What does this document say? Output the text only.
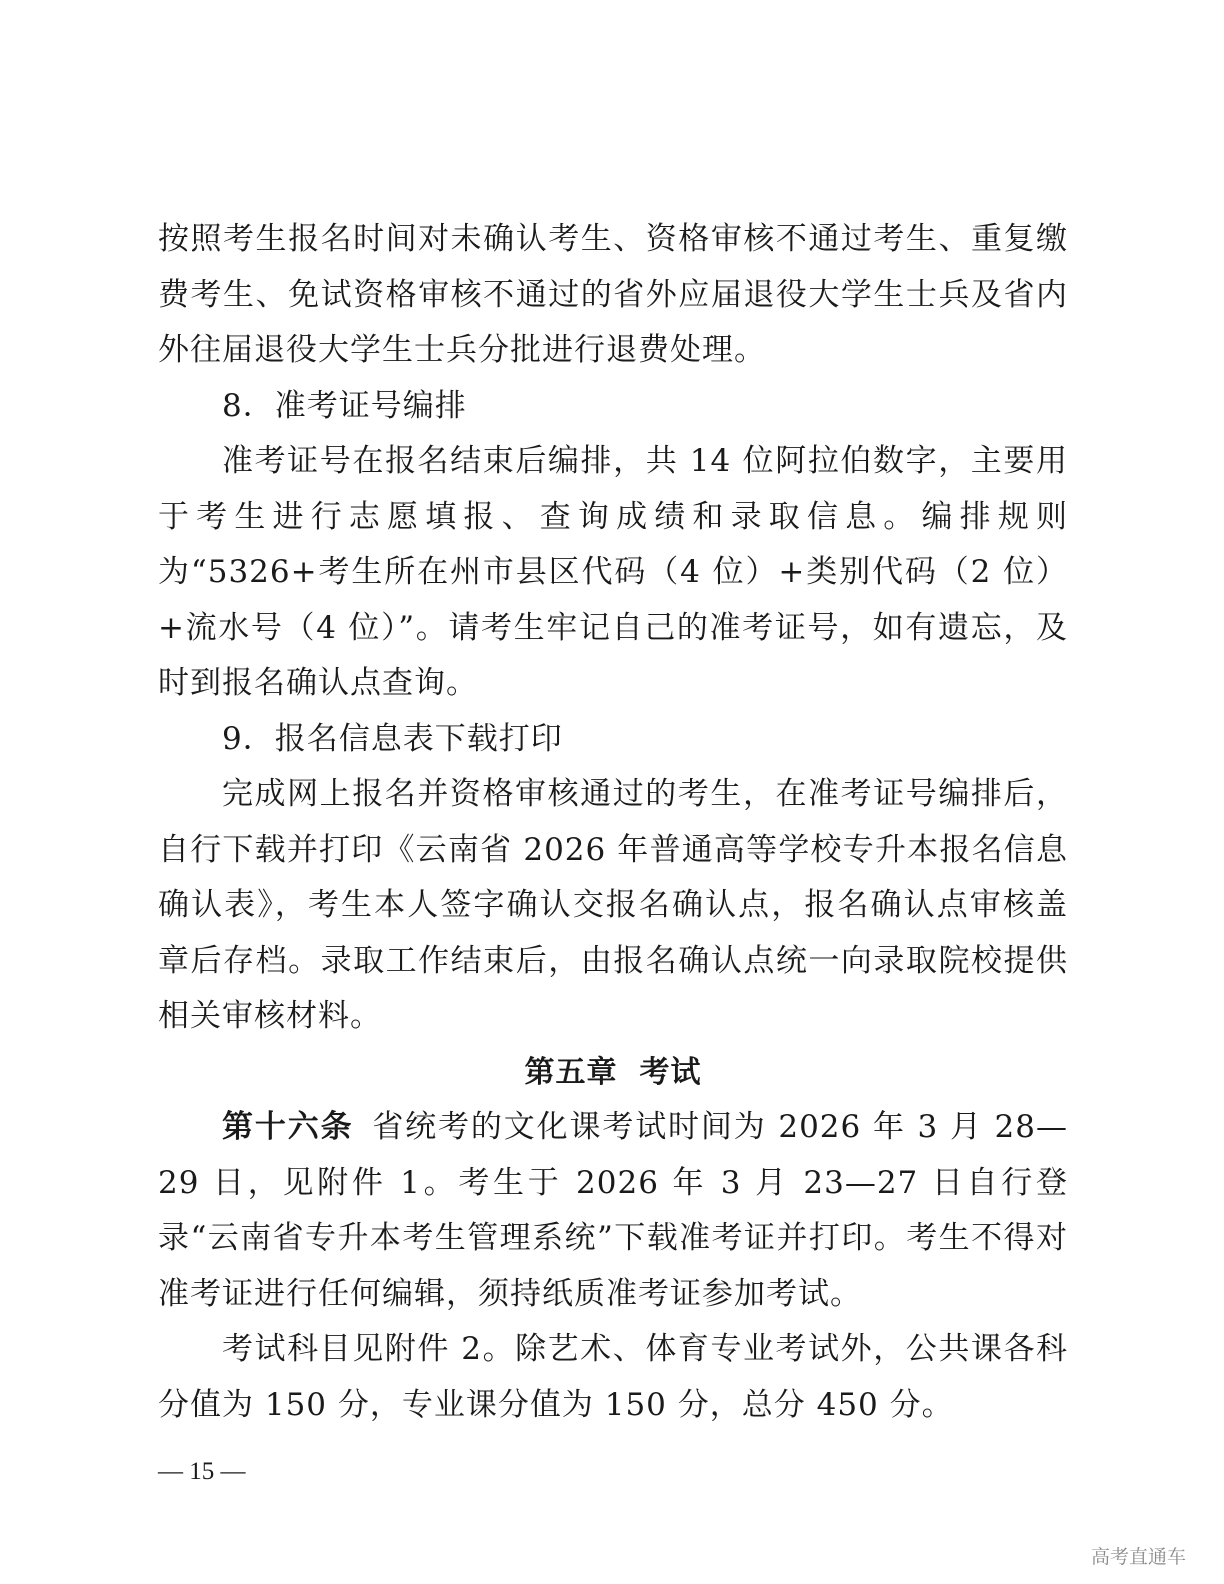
按照考生报名时间对未确认考生、资格审核不通过考生、重复缴费考生、免试资格审核不通过的省外应届退役大学生士兵及省内外往届退役大学生士兵分批进行退费处理。

8．准考证号编排

准考证号在报名结束后编排，共 14 位阿拉伯数字，主要用于考生进行志愿填报、查询成绩和录取信息。编排规则为“5326+考生所在州市县区代码（4 位）+类别代码（2 位）+流水号（4 位）”。请考生牢记自己的准考证号，如有遗忘，及时到报名确认点查询。

9．报名信息表下载打印

完成网上报名并资格审核通过的考生，在准考证号编排后，自行下载并打印《云南省 2026 年普通高等学校专升本报名信息确认表》，考生本人签字确认交报名确认点，报名确认点审核盖章后存档。录取工作结束后，由报名确认点统一向录取院校提供相关审核材料。

第五章 考试

第十六条 省统考的文化课考试时间为 2026 年 3 月 28—29 日，见附件 1。考生于 2026 年 3 月 23—27 日自行登录“云南省专升本考生管理系统”下载准考证并打印。考生不得对准考证进行任何编辑，须持纸质准考证参加考试。

考试科目见附件 2。除艺术、体育专业考试外，公共课各科分值为 150 分，专业课分值为 150 分，总分 450 分。

— 15 —
高考直通车
